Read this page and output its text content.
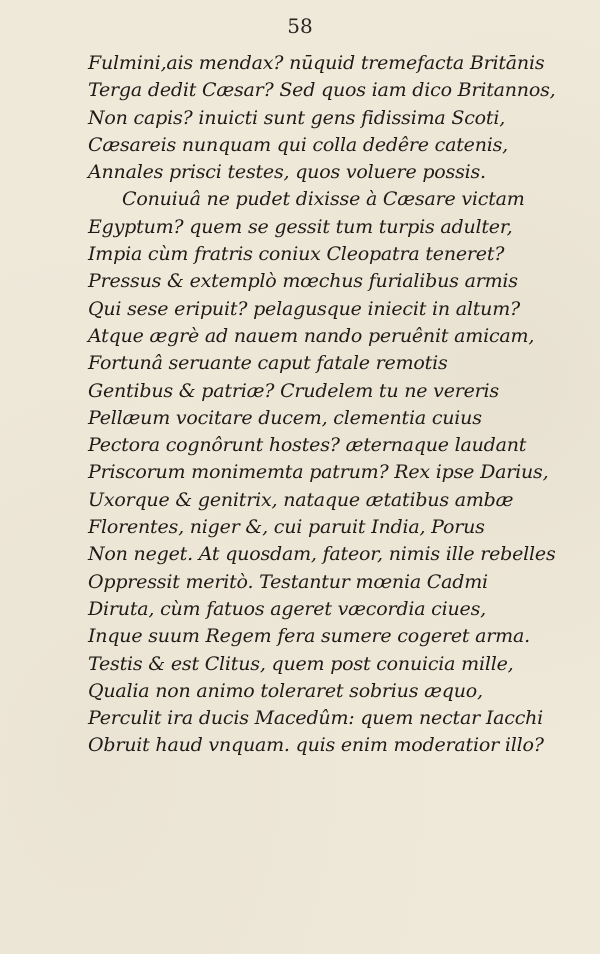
58
Fulmini‚ais mendax? nūquid tremefacta Britānis
Terga dedit Cæsar? Sed quos iam dico Britannos,
Non capis? inuicti sunt gens fidissima Scoti,
Cæsareis nunquam qui colla dedêre catenis,
Annales prisci testes, quos voluere possis.
Conuiuâ ne pudet dixisse à Cæsare victam
Egyptum? quem se gessit tum turpis adulter,
Impia cùm fratris coniux Cleopatra teneret?
Pressus & extemplò mœchus furialibus armis
Qui sese eripuit? pelagusque iniecit in altum?
Atque ægrè ad nauem nando peruênit amicam,
Fortunâ seruante caput fatale remotis
Gentibus & patriæ? Crudelem tu ne vereris
Pellæum vocitare ducem, clementia cuius
Pectora cognôrunt hostes? æternaque laudant
Priscorum monimemta patrum? Rex ipse Darius,
Uxorque & genitrix, nataque ætatibus ambæ
Florentes, niger &, cui paruit India, Porus
Non neget. At quosdam, fateor, nimis ille rebelles
Oppressit meritò. Testantur mœnia Cadmi
Diruta, cùm fatuos ageret væcordia ciues,
Inque suum Regem fera sumere cogeret arma.
Testis & est Clitus, quem post conuicia mille,
Qualia non animo toleraret sobrius æquo,
Perculit ira ducis Macedûm: quem nectar Iacchi
Obruit haud vnquam. quis enim moderatior illo?
